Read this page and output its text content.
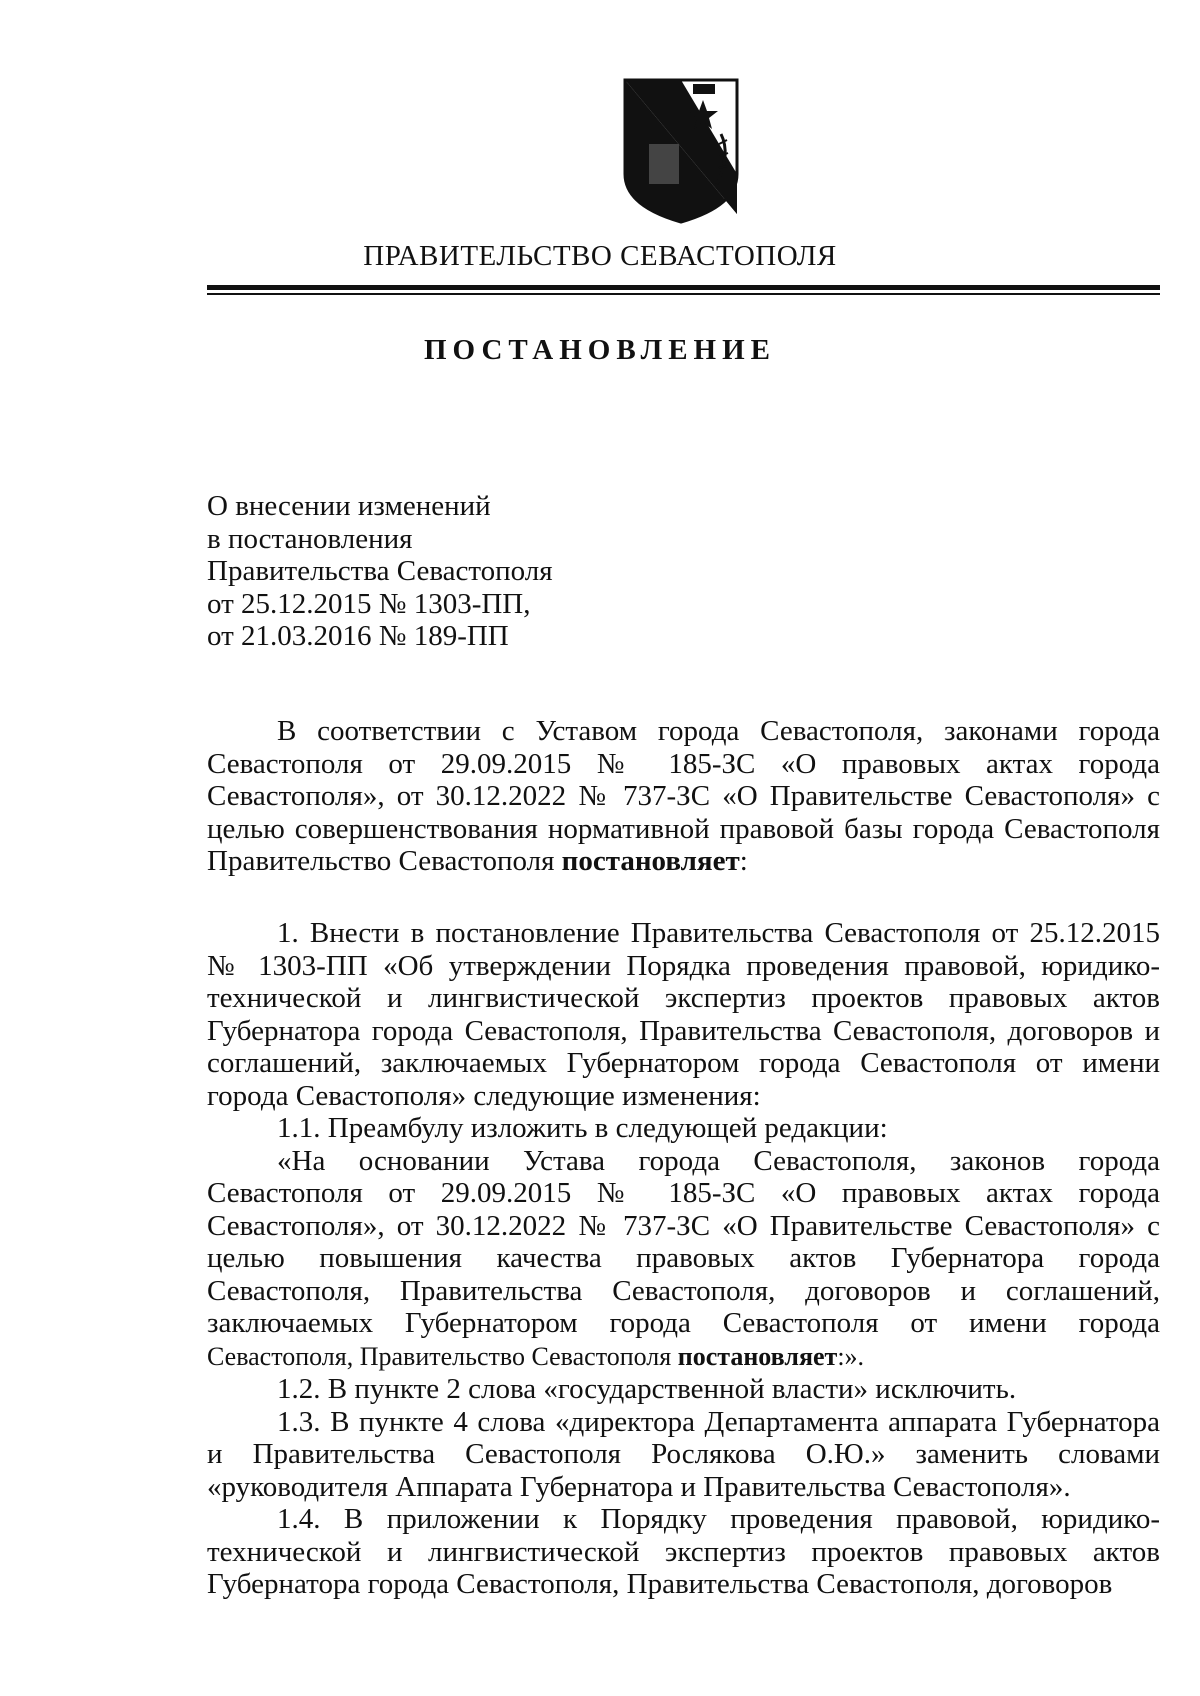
ПРАВИТЕЛЬСТВО СЕВАСТОПОЛЯ
ПОСТАНОВЛЕНИЕ
О внесении изменений
в постановления
Правительства Севастополя
от 25.12.2015 № 1303-ПП,
от 21.03.2016 № 189-ПП

В соответствии с Уставом города Севастополя, законами города Севастополя от 29.09.2015 № 185-ЗС «О правовых актах города Севастополя», от 30.12.2022 № 737-ЗС «О Правительстве Севастополя» с целью совершенствования нормативной правовой базы города Севастополя Правительство Севастополя постановляет:

1. Внести в постановление Правительства Севастополя от 25.12.2015 № 1303-ПП «Об утверждении Порядка проведения правовой, юридико-технической и лингвистической экспертиз проектов правовых актов Губернатора города Севастополя, Правительства Севастополя, договоров и соглашений, заключаемых Губернатором города Севастополя от имени города Севастополя» следующие изменения:

1.1. Преамбулу изложить в следующей редакции:

«На основании Устава города Севастополя, законов города Севастополя от 29.09.2015 № 185-ЗС «О правовых актах города Севастополя», от 30.12.2022 № 737-ЗС «О Правительстве Севастополя» с целью повышения качества правовых актов Губернатора города Севастополя, Правительства Севастополя, договоров и соглашений, заключаемых Губернатором города Севастополя от имени города Севастополя, Правительство Севастополя постановляет:».

1.2. В пункте 2 слова «государственной власти» исключить.

1.3. В пункте 4 слова «директора Департамента аппарата Губернатора и Правительства Севастополя Рослякова О.Ю.» заменить словами «руководителя Аппарата Губернатора и Правительства Севастополя».

1.4. В приложении к Порядку проведения правовой, юридико-технической и лингвистической экспертиз проектов правовых актов Губернатора города Севастополя, Правительства Севастополя, договоров
